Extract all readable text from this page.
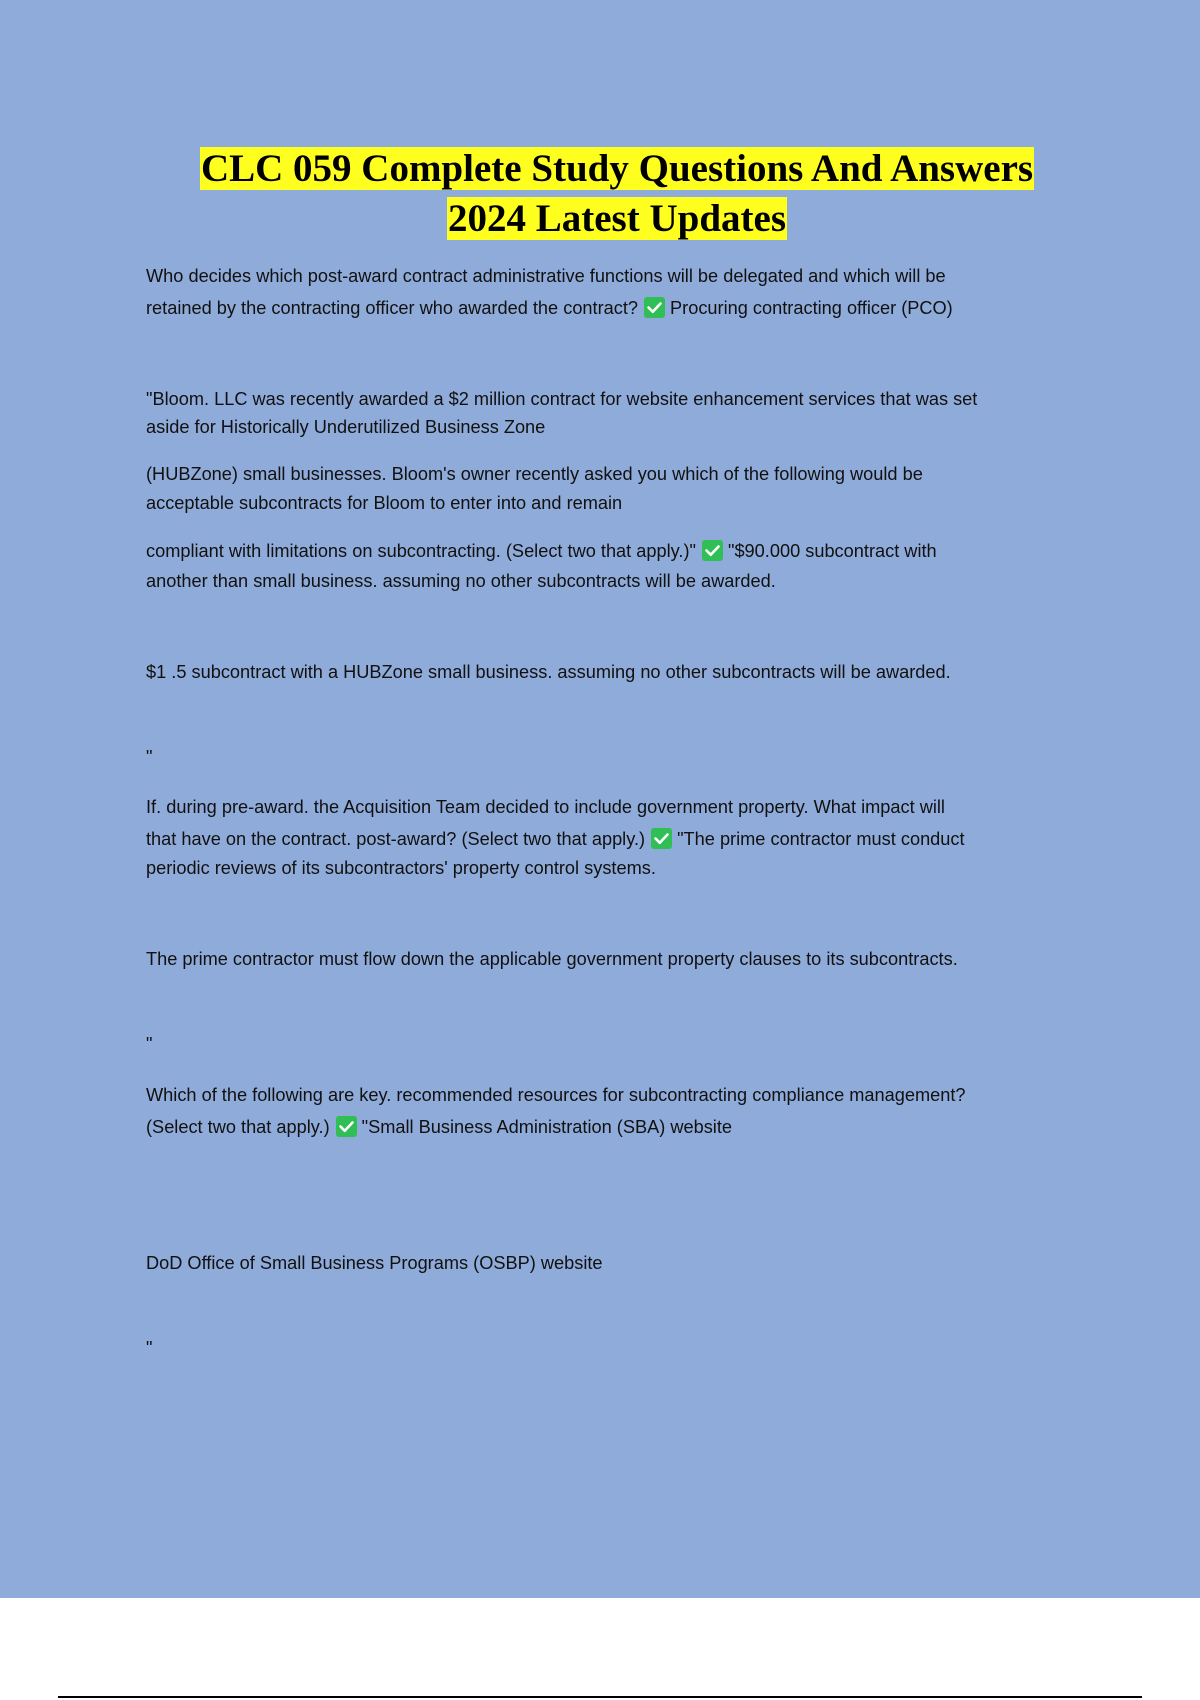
CLC 059 Complete Study Questions And Answers
2024 Latest Updates

Who decides which post-award contract administrative functions will be delegated and which will be

retained by the contracting officer who awarded the contract? Procuring contracting officer (PCO)

"Bloom. LLC was recently awarded a $2 million contract for website enhancement services that was set

aside for Historically Underutilized Business Zone

(HUBZone) small businesses. Bloom's owner recently asked you which of the following would be

acceptable subcontracts for Bloom to enter into and remain

compliant with limitations on subcontracting. (Select two that apply.)" "$90.000 subcontract with

another than small business. assuming no other subcontracts will be awarded.

$1 .5 subcontract with a HUBZone small business. assuming no other subcontracts will be awarded.

"

If. during pre-award. the Acquisition Team decided to include government property. What impact will

that have on the contract. post-award? (Select two that apply.) "The prime contractor must conduct

periodic reviews of its subcontractors' property control systems.

The prime contractor must flow down the applicable government property clauses to its subcontracts.

"

Which of the following are key. recommended resources for subcontracting compliance management?

(Select two that apply.) "Small Business Administration (SBA) website

DoD Office of Small Business Programs (OSBP) website

"
